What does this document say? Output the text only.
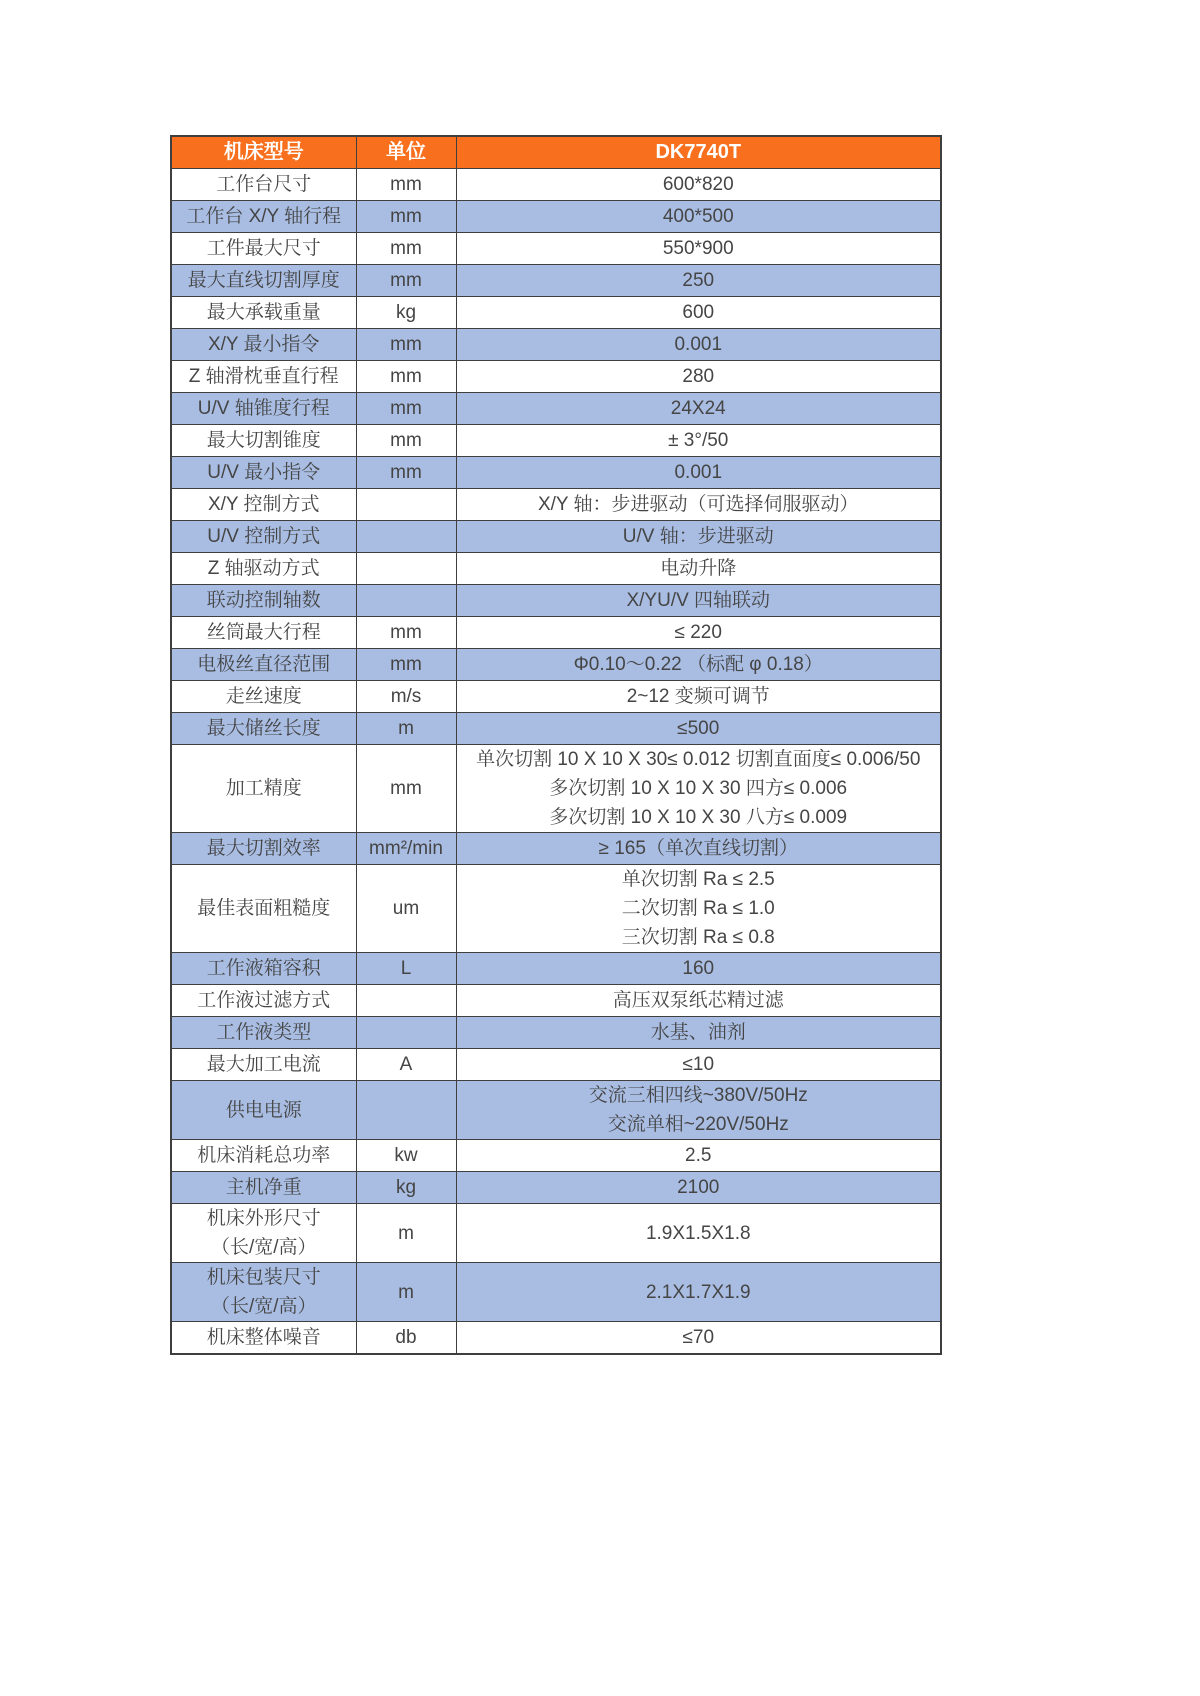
机床型号	单位	DK7740T
工作台尺寸	mm	600*820
工作台 X/Y 轴行程	mm	400*500
工件最大尺寸	mm	550*900
最大直线切割厚度	mm	250
最大承载重量	kg	600
X/Y 最小指令	mm	0.001
Z 轴滑枕垂直行程	mm	280
U/V 轴锥度行程	mm	24X24
最大切割锥度	mm	± 3°/50
U/V 最小指令	mm	0.001
X/Y 控制方式		X/Y 轴：步进驱动（可选择伺服驱动）
U/V 控制方式		U/V 轴：步进驱动
Z 轴驱动方式		电动升降
联动控制轴数		X/YU/V 四轴联动
丝筒最大行程	mm	≤ 220
电极丝直径范围	mm	Φ0.10～0.22 （标配 φ 0.18）
走丝速度	m/s	2~12 变频可调节
最大储丝长度	m	≤500
加工精度	mm	单次切割 10 X 10 X 30≤ 0.012 切割直面度≤ 0.006/50
多次切割 10 X 10 X 30 四方≤ 0.006
多次切割 10 X 10 X 30 八方≤ 0.009
最大切割效率	mm²/min	≥ 165（单次直线切割）
最佳表面粗糙度	um	单次切割 Ra ≤ 2.5
二次切割 Ra ≤ 1.0
三次切割 Ra ≤ 0.8
工作液箱容积	L	160
工作液过滤方式		高压双泵纸芯精过滤
工作液类型		水基、油剂
最大加工电流	A	≤10
供电电源		交流三相四线~380V/50Hz
交流单相~220V/50Hz
机床消耗总功率	kw	2.5
主机净重	kg	2100
机床外形尺寸
（长/宽/高）	m	1.9X1.5X1.8
机床包装尺寸
（长/宽/高）	m	2.1X1.7X1.9
机床整体噪音	db	≤70
